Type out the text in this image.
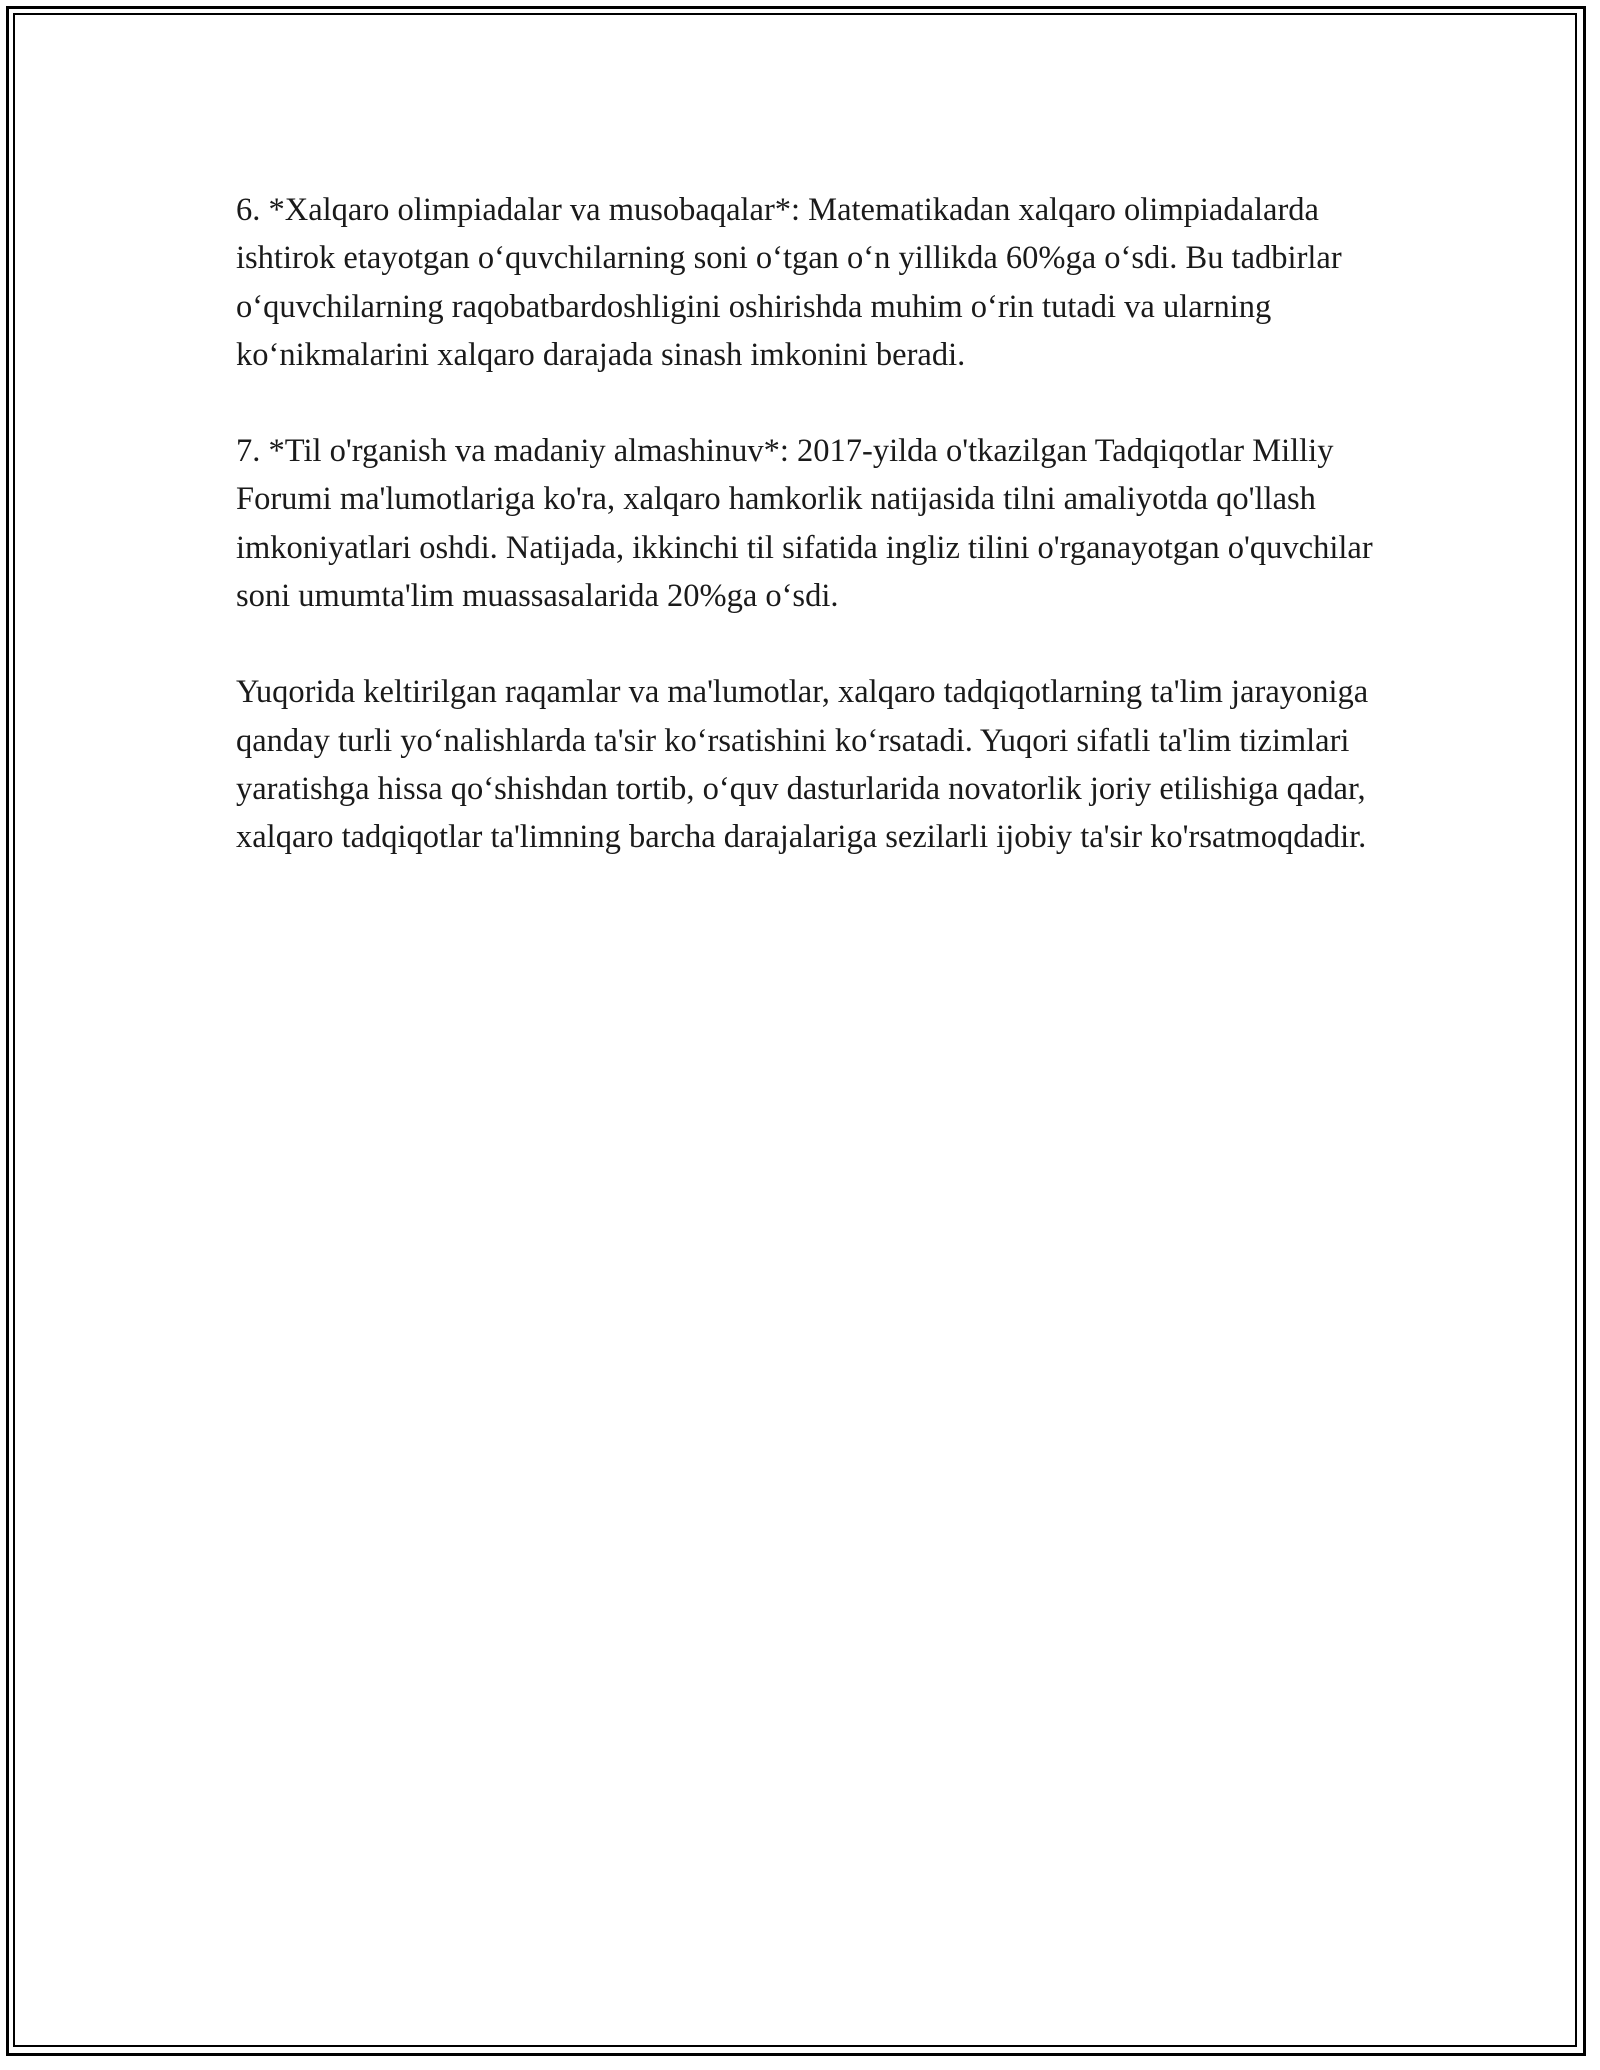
6. *Xalqaro olimpiadalar va musobaqalar*: Matematikadan xalqaro olimpiadalarda ishtirok etayotgan o‘quvchilarning soni o‘tgan o‘n yillikda 60%ga o‘sdi. Bu tadbirlar o‘quvchilarning raqobatbardoshligini oshirishda muhim o‘rin tutadi va ularning ko‘nikmalarini xalqaro darajada sinash imkonini beradi.

7. *Til o'rganish va madaniy almashinuv*: 2017-yilda o'tkazilgan Tadqiqotlar Milliy Forumi ma'lumotlariga ko'ra, xalqaro hamkorlik natijasida tilni amaliyotda qo'llash imkoniyatlari oshdi. Natijada, ikkinchi til sifatida ingliz tilini o'rganayotgan o'quvchilar soni umumta'lim muassasalarida 20%ga o‘sdi.

Yuqorida keltirilgan raqamlar va ma'lumotlar, xalqaro tadqiqotlarning ta'lim jarayoniga qanday turli yo‘nalishlarda ta'sir ko‘rsatishini ko‘rsatadi. Yuqori sifatli ta'lim tizimlari yaratishga hissa qo‘shishdan tortib, o‘quv dasturlarida novatorlik joriy etilishiga qadar, xalqaro tadqiqotlar ta'limning barcha darajalariga sezilarli ijobiy ta'sir ko'rsatmoqdadir.
